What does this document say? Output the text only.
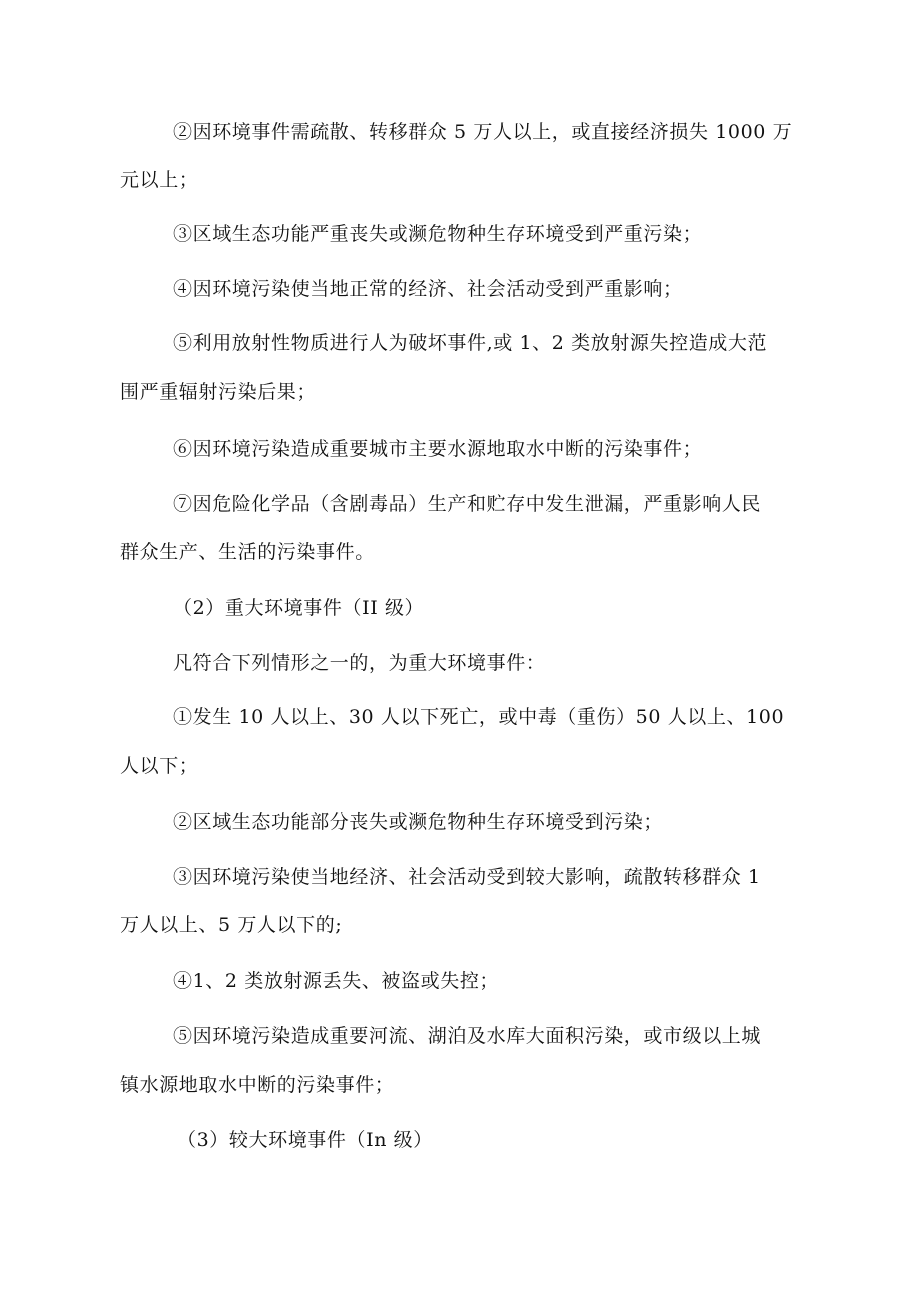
②因环境事件需疏散、转移群众 5 万人以上，或直接经济损失 1000 万
元以上；
③区域生态功能严重丧失或濒危物种生存环境受到严重污染；
④因环境污染使当地正常的经济、社会活动受到严重影响；
⑤利用放射性物质进行人为破坏事件,或 1、2 类放射源失控造成大范
围严重辐射污染后果；
⑥因环境污染造成重要城市主要水源地取水中断的污染事件；
⑦因危险化学品（含剧毒品）生产和贮存中发生泄漏，严重影响人民
群众生产、生活的污染事件。
（2）重大环境事件（II 级）
凡符合下列情形之一的，为重大环境事件：
①发生 10 人以上、30 人以下死亡，或中毒（重伤）50 人以上、100
人以下；
②区域生态功能部分丧失或濒危物种生存环境受到污染；
③因环境污染使当地经济、社会活动受到较大影响，疏散转移群众 1
万人以上、5 万人以下的;
④1、2 类放射源丢失、被盗或失控；
⑤因环境污染造成重要河流、湖泊及水库大面积污染，或市级以上城
镇水源地取水中断的污染事件；
（3）较大环境事件（In 级）
